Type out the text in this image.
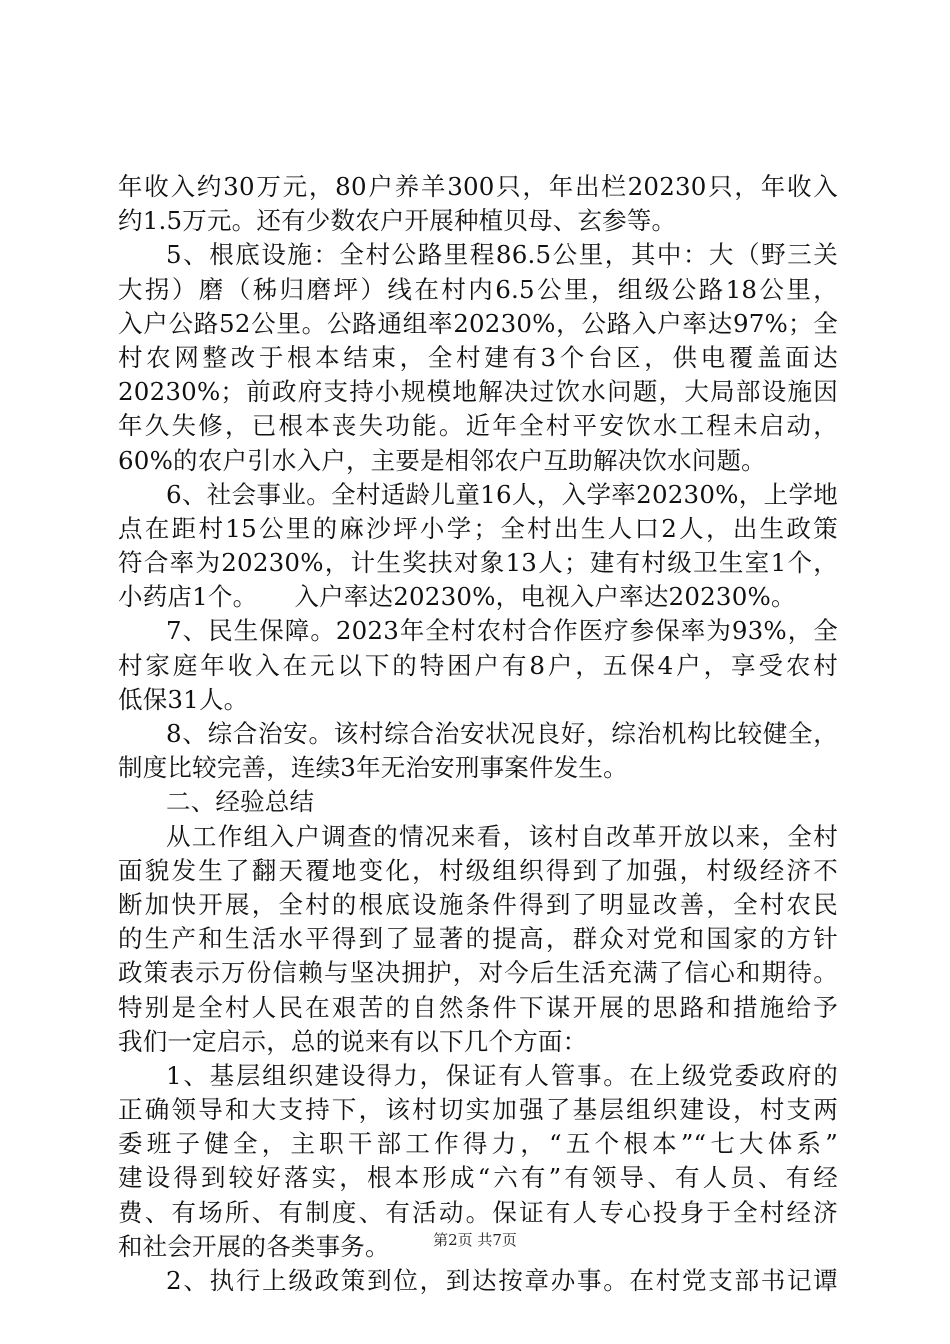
年收入约30万元，80户养羊300只，年出栏20230只，年收入
约1.5万元。还有少数农户开展种植贝母、玄参等。
5、根底设施：全村公路里程86.5公里，其中：大（野三关
大拐）磨（秭归磨坪）线在村内6.5公里，组级公路18公里，
入户公路52公里。公路通组率20230%，公路入户率达97%；全
村农网整改于根本结束，全村建有3个台区，供电覆盖面达
20230%；前政府支持小规模地解决过饮水问题，大局部设施因
年久失修，已根本丧失功能。近年全村平安饮水工程未启动，
60%的农户引水入户，主要是相邻农户互助解决饮水问题。
6、社会事业。全村适龄儿童16人，入学率20230%，上学地
点在距村15公里的麻沙坪小学；全村出生人口2人，出生政策
符合率为20230%，计生奖扶对象13人；建有村级卫生室1个，
小药店1个。　　入户率达20230%，电视入户率达20230%。
7、民生保障。2023年全村农村合作医疗参保率为93%，全
村家庭年收入在元以下的特困户有8户，五保4户，享受农村
低保31人。
8、综合治安。该村综合治安状况良好，综治机构比较健全，
制度比较完善，连续3年无治安刑事案件发生。
二、经验总结
从工作组入户调查的情况来看，该村自改革开放以来，全村
面貌发生了翻天覆地变化，村级组织得到了加强，村级经济不
断加快开展，全村的根底设施条件得到了明显改善，全村农民
的生产和生活水平得到了显著的提高，群众对党和国家的方针
政策表示万份信赖与坚决拥护，对今后生活充满了信心和期待。
特别是全村人民在艰苦的自然条件下谋开展的思路和措施给予
我们一定启示，总的说来有以下几个方面：
1、基层组织建设得力，保证有人管事。在上级党委政府的
正确领导和大支持下，该村切实加强了基层组织建设，村支两
委班子健全，主职干部工作得力，“五个根本”“七大体系”
建设得到较好落实，根本形成“六有”有领导、有人员、有经
费、有场所、有制度、有活动。保证有人专心投身于全村经济
和社会开展的各类事务。
2、执行上级政策到位，到达按章办事。在村党支部书记谭
第2页 共7页
